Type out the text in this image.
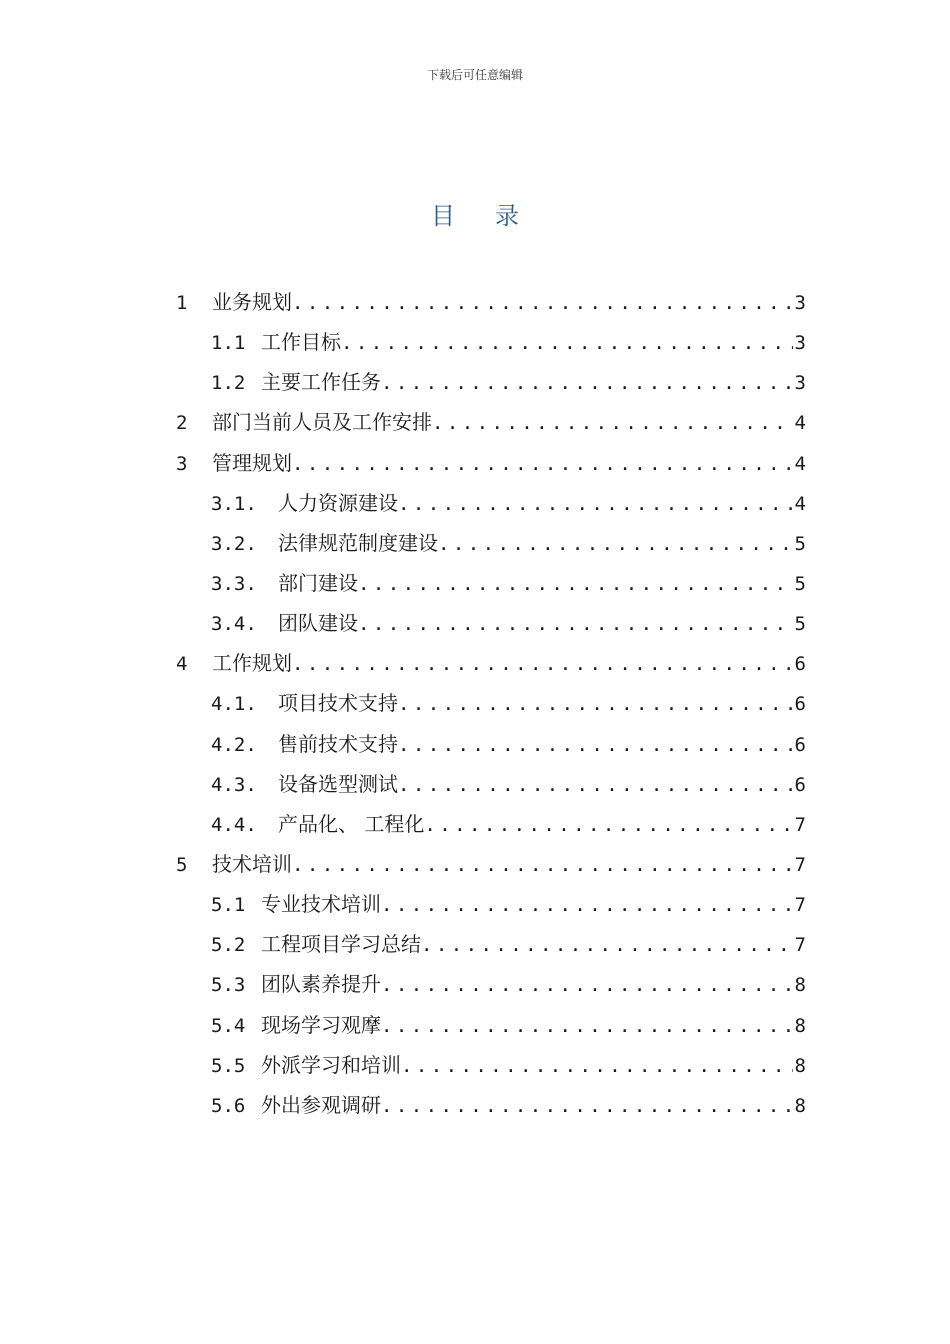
下载后可任意编辑
目录
1	业务规划 . . .	3
1.1 工作目标 . . .	3
1.2 主要工作任务 . . .	3
2	部门当前人员及工作安排 . . .	4
3	管理规划 . . .	4
3.1.	人力资源建设 . . .	4
3.2.	法律规范制度建设 . . .	5
3.3.	部门建设 . . .	5
3.4.	团队建设 . . .	5
4	工作规划 . . .	6
4.1.	项目技术支持 . . .	6
4.2.	售前技术支持 . . .	6
4.3.	设备选型测试 . . .	6
4.4.	产品化、 工程化 . . .	7
5	技术培训 . . .	7
5.1 专业技术培训 . . .	7
5.2 工程项目学习总结 . . .	7
5.3 团队素养提升 . . .	8
5.4 现场学习观摩 . . .	8
5.5 外派学习和培训 . . .	8
5.6 外出参观调研 . . .	8
